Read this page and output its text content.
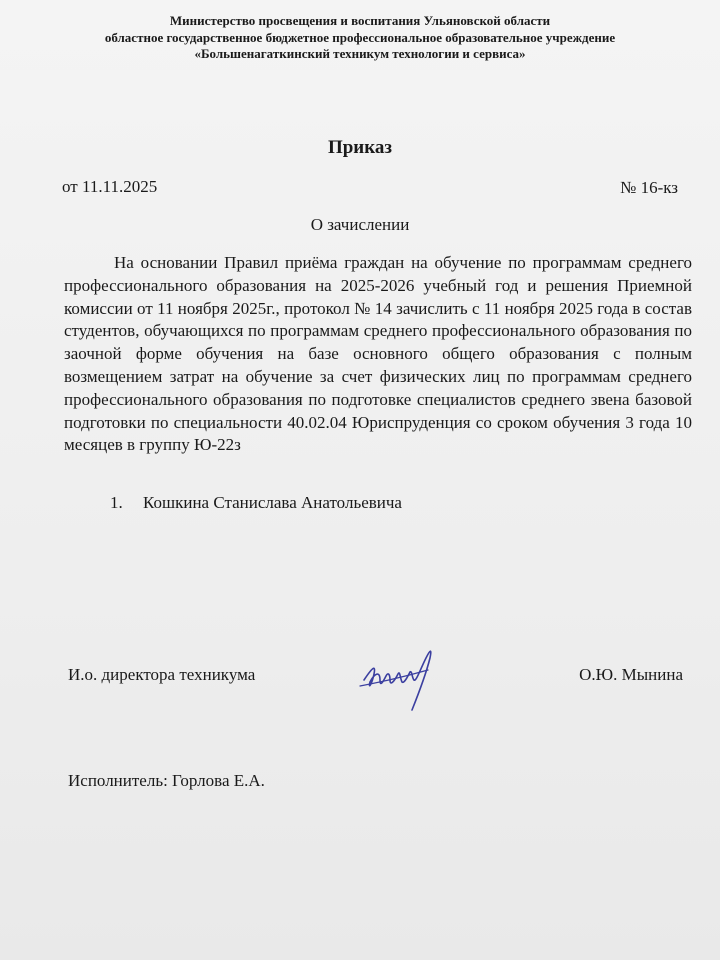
Министерство просвещения и воспитания Ульяновской области
областное государственное бюджетное профессиональное образовательное учреждение
«Большенагаткинский техникум технологии и сервиса»
Приказ
от 11.11.2025	№ 16-кз
О зачислении

На основании Правил приёма граждан на обучение по программам среднего профессионального образования на 2025-2026 учебный год и решения Приемной комиссии от 11 ноября 2025г., протокол № 14 зачислить с 11 ноября 2025 года в состав студентов, обучающихся по программам среднего профессионального образования по заочной форме обучения на базе основного общего образования с полным возмещением затрат на обучение за счет физических лиц по программам среднего профессионального образования по подготовке специалистов среднего звена базовой подготовки по специальности 40.02.04 Юриспруденция со сроком обучения 3 года 10 месяцев в группу Ю-22з

1. Кошкина Станислава Анатольевича
И.о. директора техникума	О.Ю. Мынина
Исполнитель: Горлова Е.А.
